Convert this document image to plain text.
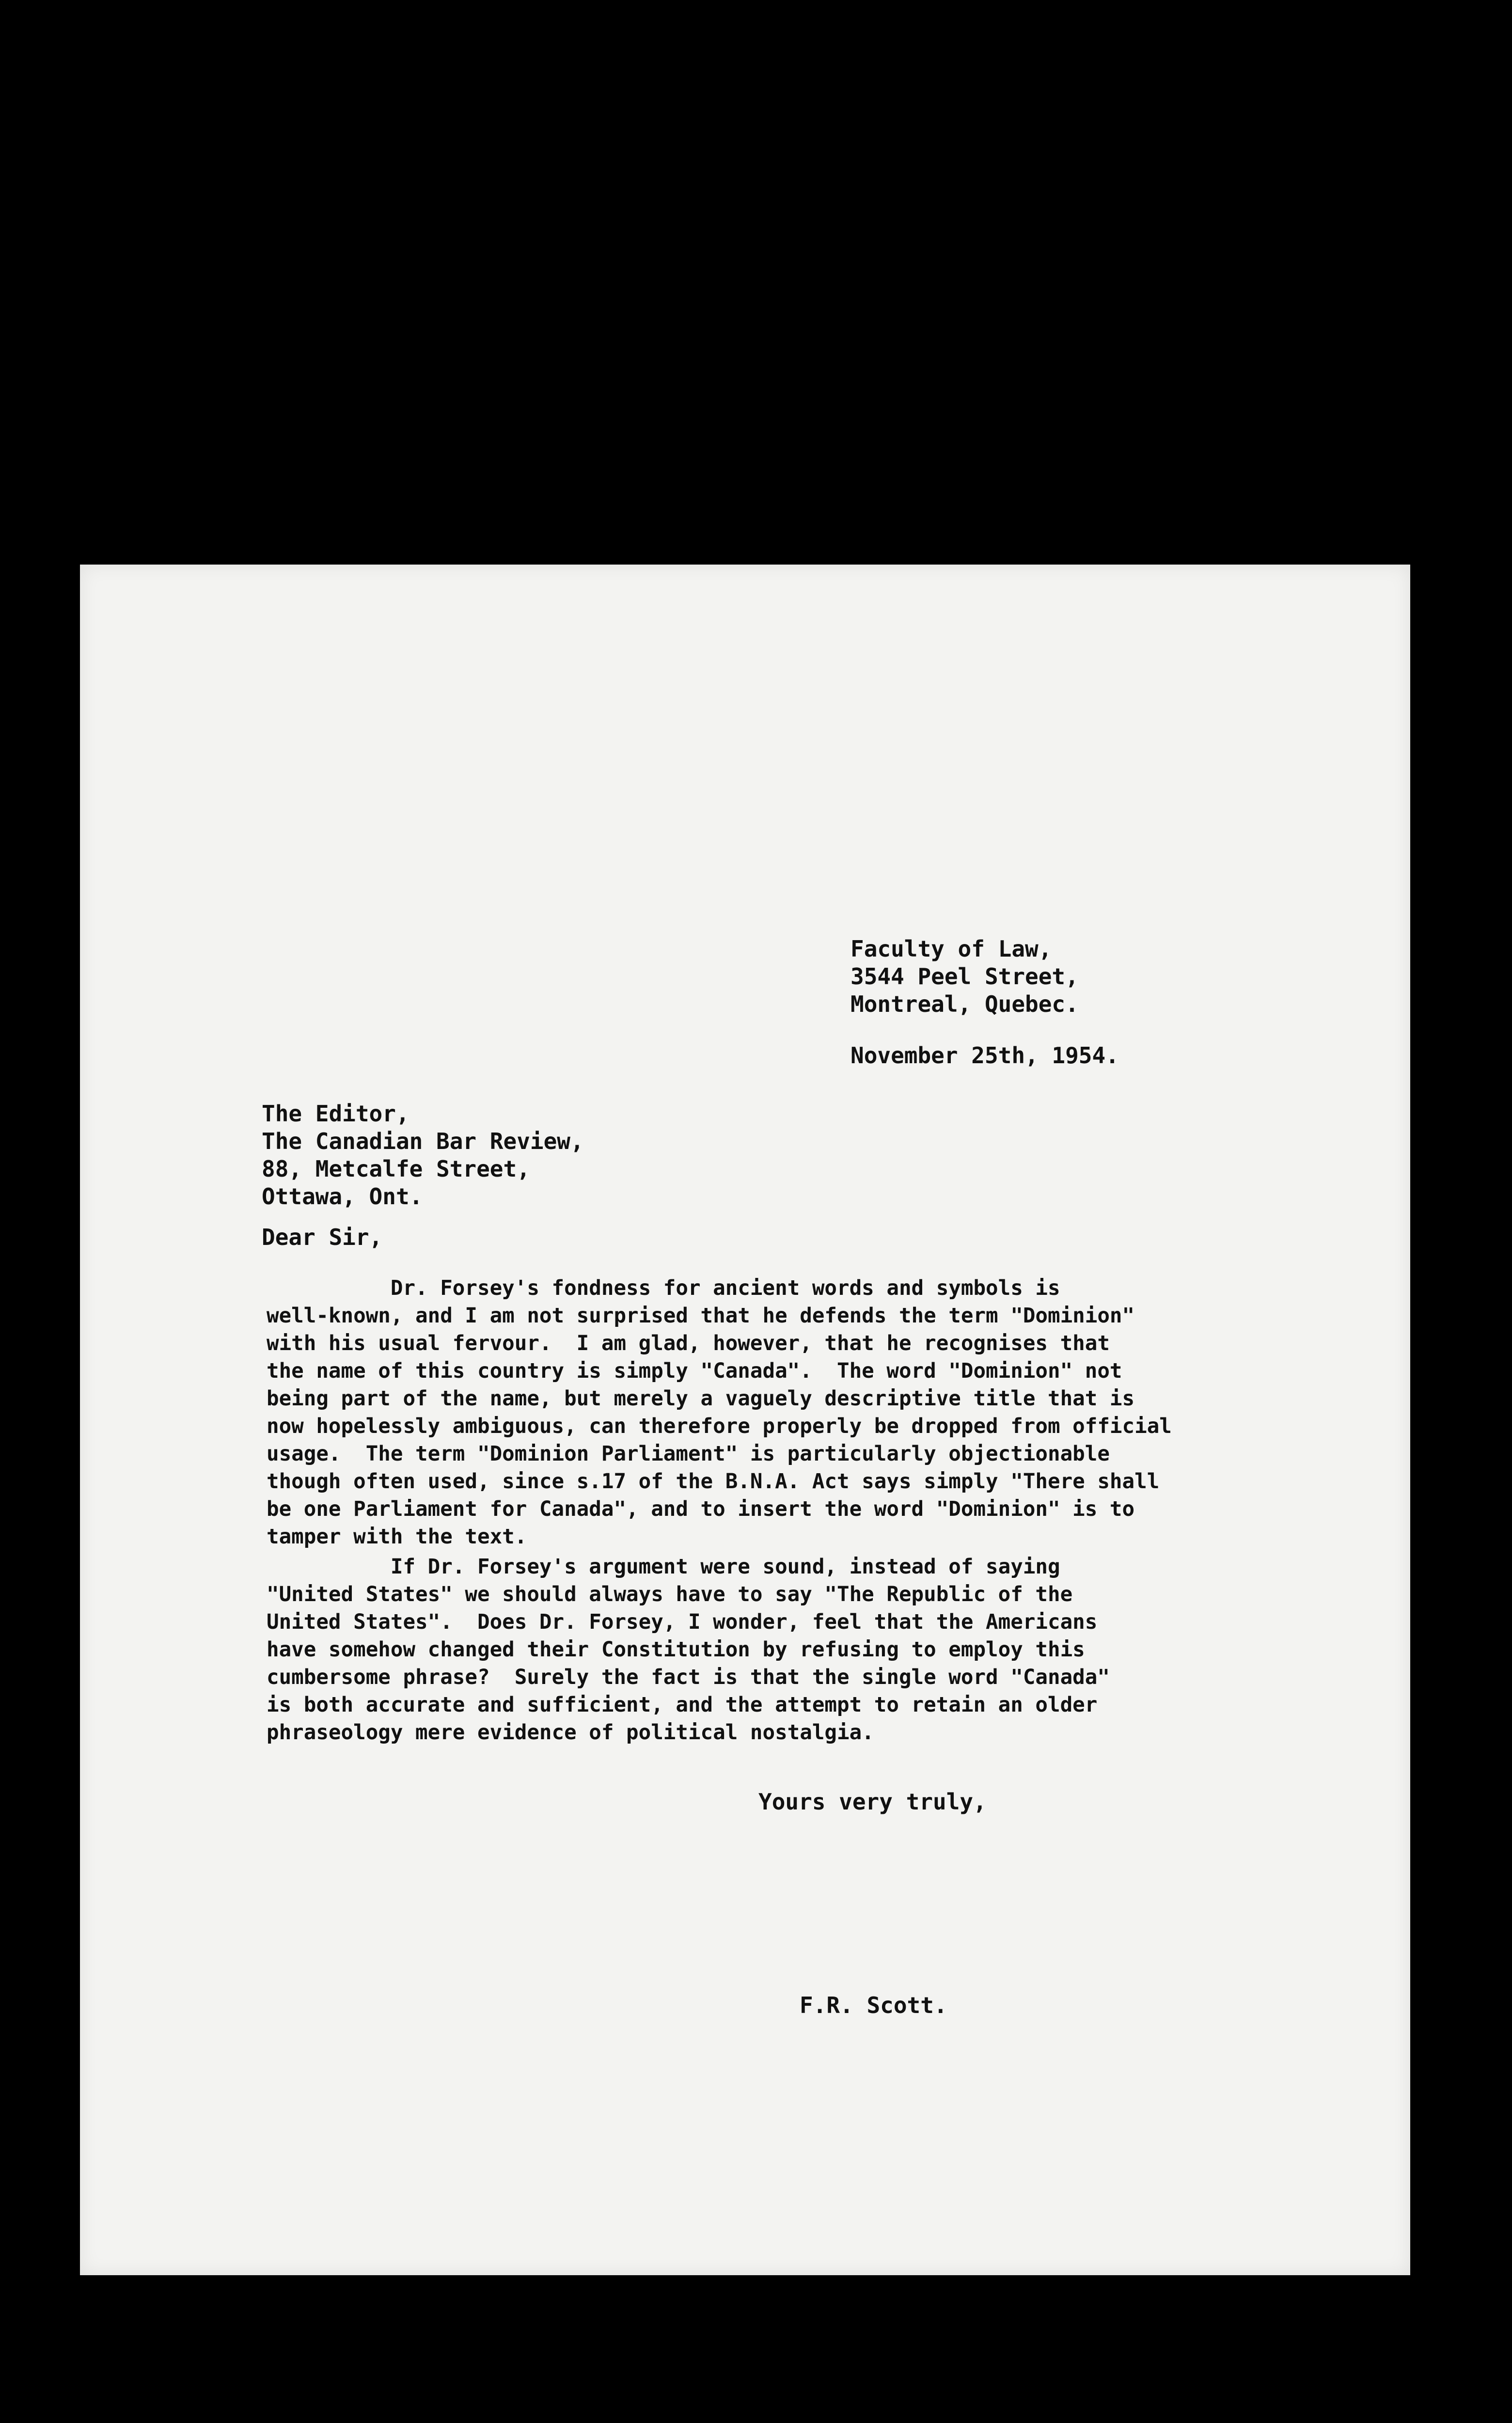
Faculty of Law,
3544 Peel Street,
Montreal, Quebec.
November 25th, 1954.
The Editor,
The Canadian Bar Review,
88, Metcalfe Street,
Ottawa, Ont.
Dear Sir,
Dr. Forsey's fondness for ancient words and symbols is
well-known, and I am not surprised that he defends the term "Dominion"
with his usual fervour.  I am glad, however, that he recognises that
the name of this country is simply "Canada".  The word "Dominion" not
being part of the name, but merely a vaguely descriptive title that is
now hopelessly ambiguous, can therefore properly be dropped from official
usage.  The term "Dominion Parliament" is particularly objectionable
though often used, since s.17 of the B.N.A. Act says simply "There shall
be one Parliament for Canada", and to insert the word "Dominion" is to
tamper with the text.
If Dr. Forsey's argument were sound, instead of saying
"United States" we should always have to say "The Republic of the
United States".  Does Dr. Forsey, I wonder, feel that the Americans
have somehow changed their Constitution by refusing to employ this
cumbersome phrase?  Surely the fact is that the single word "Canada"
is both accurate and sufficient, and the attempt to retain an older
phraseology mere evidence of political nostalgia.
Yours very truly,
F.R. Scott.
